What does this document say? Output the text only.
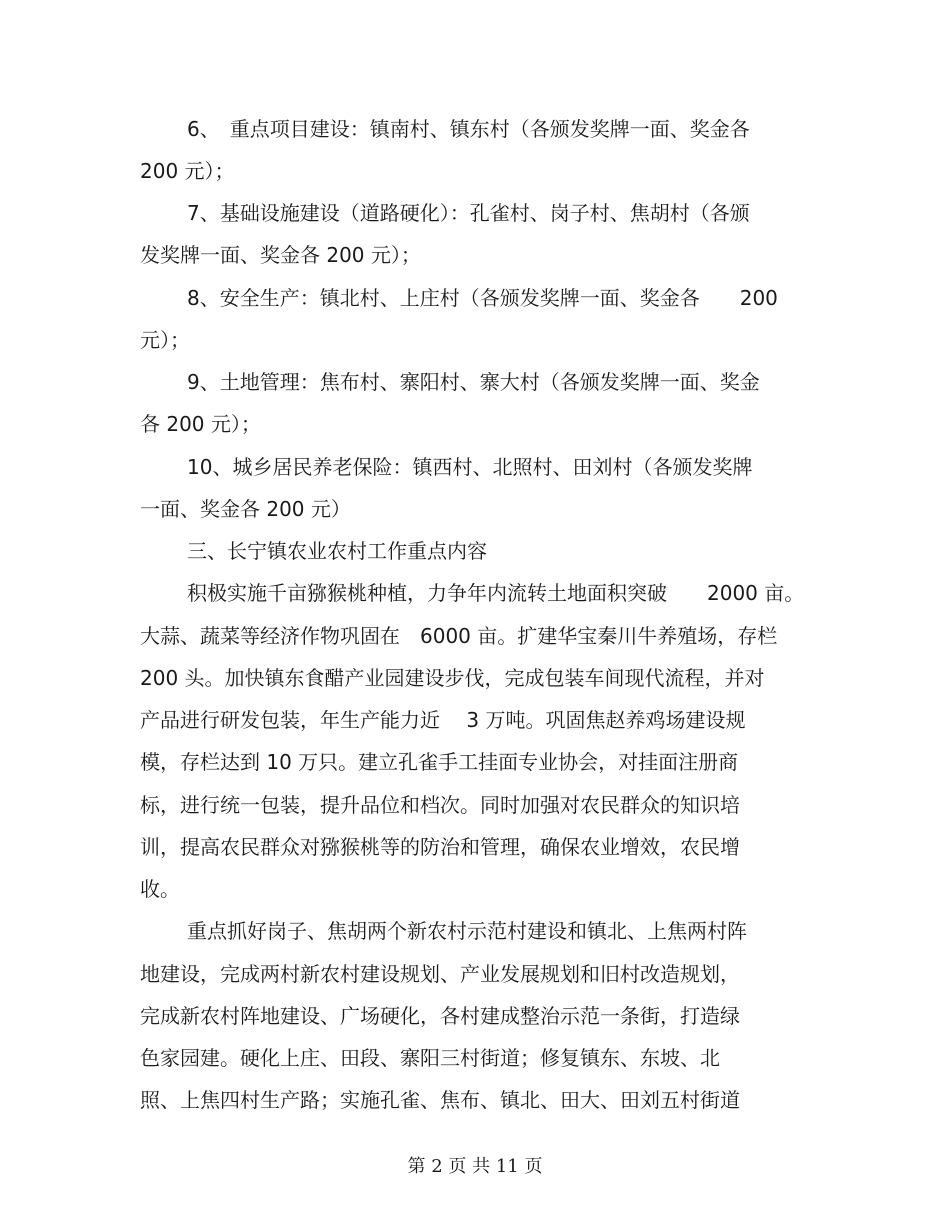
6、　重点项目建设：镇南村、镇东村（各颁发奖牌一面、奖金各
200 元）；
7、基础设施建设（道路硬化）：孔雀村、岗子村、焦胡村（各颁
发奖牌一面、奖金各 200 元）；
8、安全生产：镇北村、上庄村（各颁发奖牌一面、奖金各　　200
元）；
9、土地管理：焦布村、寨阳村、寨大村（各颁发奖牌一面、奖金
各 200 元）；
10、城乡居民养老保险：镇西村、北照村、田刘村（各颁发奖牌
一面、奖金各 200 元）
三、长宁镇农业农村工作重点内容
积极实施千亩猕猴桃种植，力争年内流转土地面积突破　　2000 亩。
大蒜、蔬菜等经济作物巩固在　6000 亩。扩建华宝秦川牛养殖场，存栏
200 头。加快镇东食醋产业园建设步伐，完成包装车间现代流程，并对
产品进行研发包装，年生产能力近　 3 万吨。巩固焦赵养鸡场建设规
模，存栏达到 10 万只。建立孔雀手工挂面专业协会，对挂面注册商
标，进行统一包装，提升品位和档次。同时加强对农民群众的知识培
训，提高农民群众对猕猴桃等的防治和管理，确保农业增效，农民增
收。
重点抓好岗子、焦胡两个新农村示范村建设和镇北、上焦两村阵
地建设，完成两村新农村建设规划、产业发展规划和旧村改造规划，
完成新农村阵地建设、广场硬化，各村建成整治示范一条街，打造绿
色家园建。硬化上庄、田段、寨阳三村街道；修复镇东、东坡、北
照、上焦四村生产路；实施孔雀、焦布、镇北、田大、田刘五村街道
第 2 页 共 11 页
